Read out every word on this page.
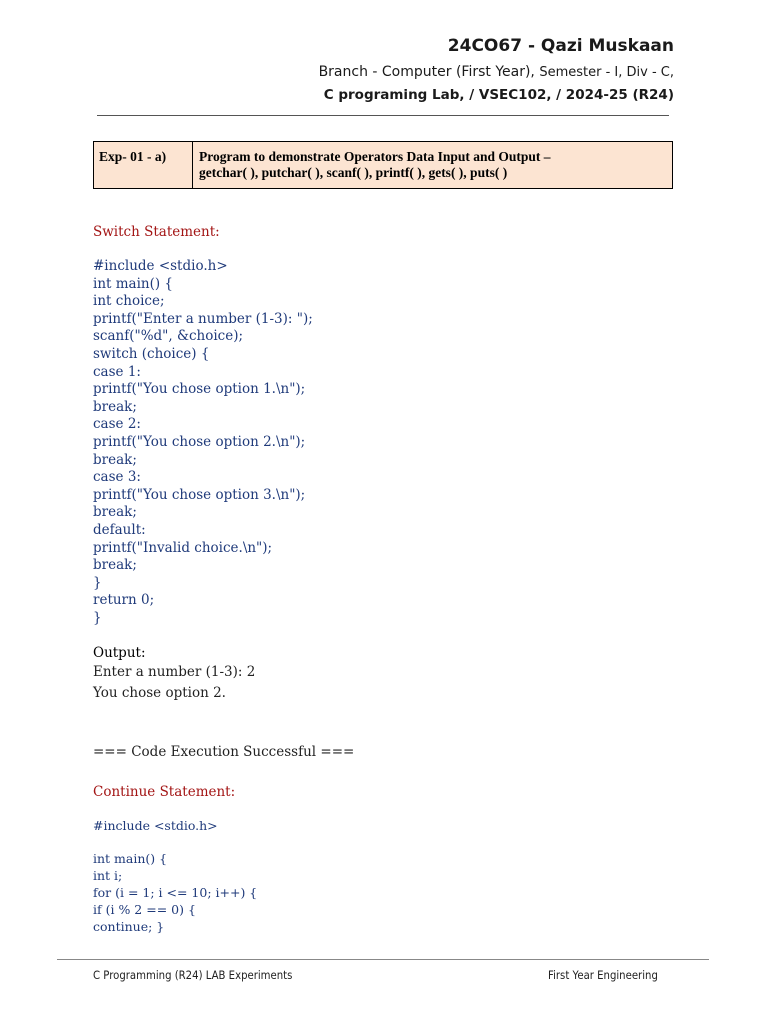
24CO67 - Qazi Muskaan
Branch - Computer (First Year), Semester - I, Div - C,
C programing Lab, / VSEC102, / 2024-25 (R24)
Exp- 01 - a)	Program to demonstrate Operators Data Input and Output –
getchar( ), putchar( ), scanf( ), printf( ), gets( ), puts( )

Switch Statement:

#include <stdio.h>
int main() {
int choice;
printf("Enter a number (1-3): ");
scanf("%d", &choice);
switch (choice) {
case 1:
printf("You chose option 1.\n");
break;
case 2:
printf("You chose option 2.\n");
break;
case 3:
printf("You chose option 3.\n");
break;
default:
printf("Invalid choice.\n");
break;
}
return 0;
}

Output:

Enter a number (1-3): 2
You chose option 2.

=== Code Execution Successful ===

Continue Statement:

#include <stdio.h>

int main() {
int i;
for (i = 1; i <= 10; i++) {
if (i % 2 == 0) {
continue; }

C Programming (R24) LAB Experiments	First Year Engineering
